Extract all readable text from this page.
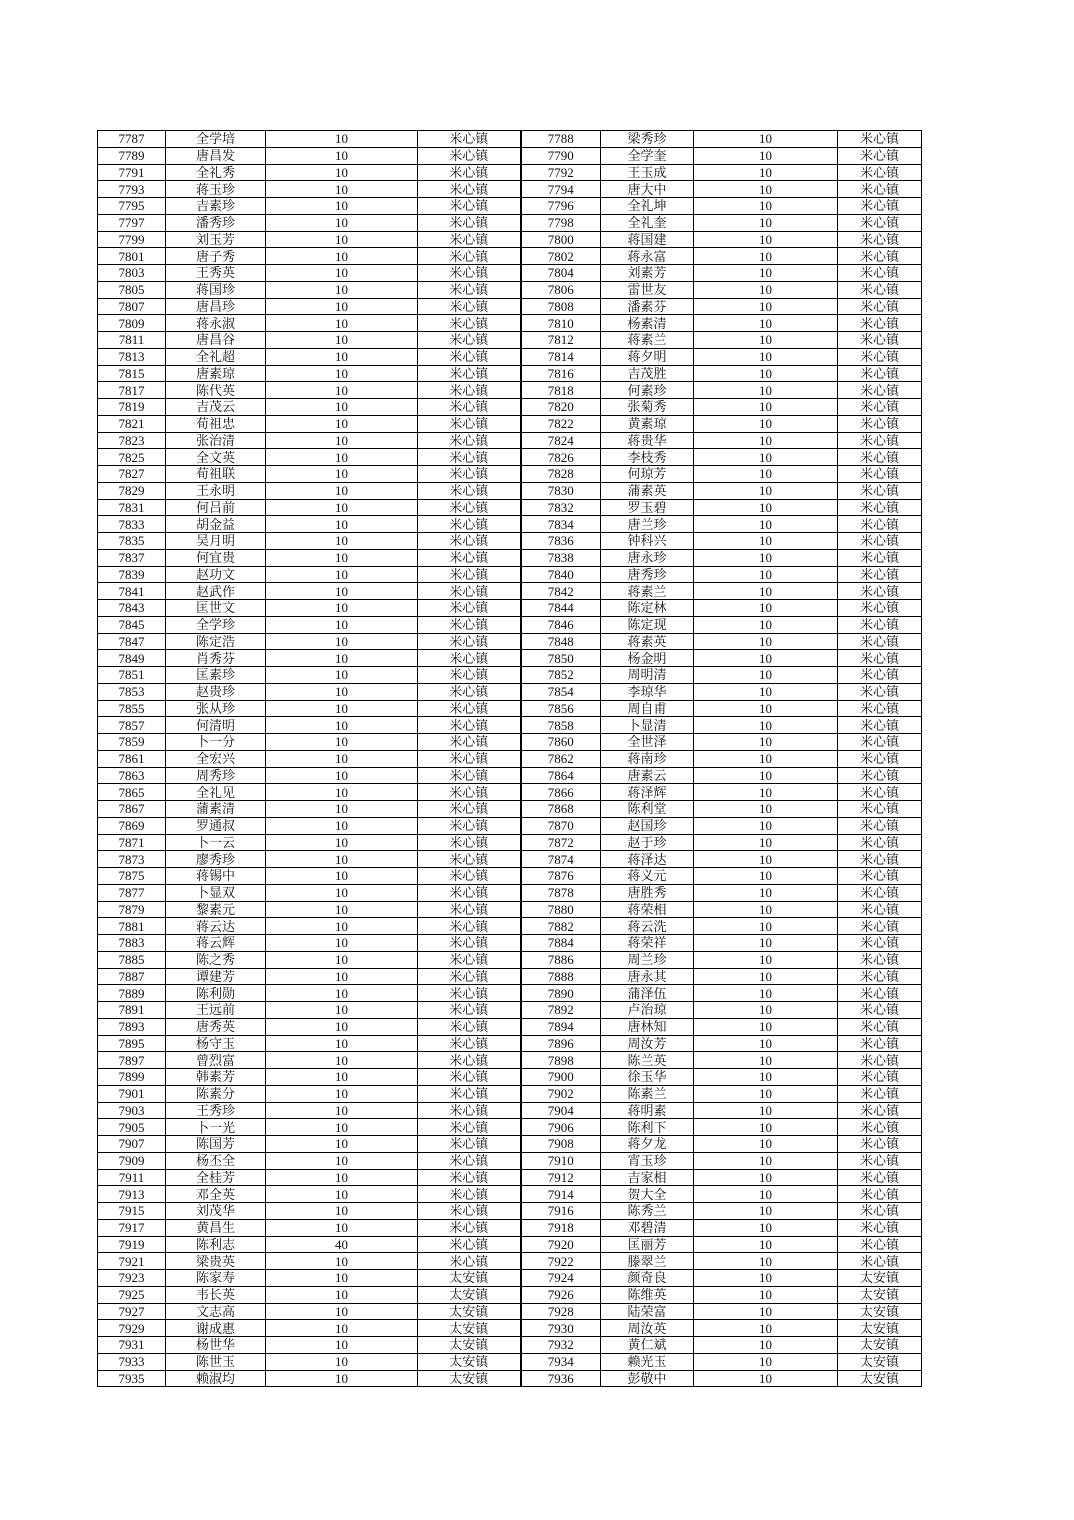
7787	全学培	10	米心镇	7788	梁秀珍	10	米心镇
7789	唐昌发	10	米心镇	7790	全学奎	10	米心镇
7791	全礼秀	10	米心镇	7792	王玉成	10	米心镇
7793	蒋玉珍	10	米心镇	7794	唐大中	10	米心镇
7795	吉素珍	10	米心镇	7796	全礼坤	10	米心镇
7797	潘秀珍	10	米心镇	7798	全礼奎	10	米心镇
7799	刘玉芳	10	米心镇	7800	蒋国建	10	米心镇
7801	唐子秀	10	米心镇	7802	蒋永富	10	米心镇
7803	王秀英	10	米心镇	7804	刘素芳	10	米心镇
7805	蒋国珍	10	米心镇	7806	雷世友	10	米心镇
7807	唐昌珍	10	米心镇	7808	潘素芬	10	米心镇
7809	蒋永淑	10	米心镇	7810	杨素清	10	米心镇
7811	唐昌谷	10	米心镇	7812	蒋素兰	10	米心镇
7813	全礼超	10	米心镇	7814	蒋夕明	10	米心镇
7815	唐素琼	10	米心镇	7816	吉茂胜	10	米心镇
7817	陈代英	10	米心镇	7818	何素珍	10	米心镇
7819	吉茂云	10	米心镇	7820	张菊秀	10	米心镇
7821	荀祖忠	10	米心镇	7822	黄素琼	10	米心镇
7823	张治清	10	米心镇	7824	蒋贵华	10	米心镇
7825	全文英	10	米心镇	7826	李枝秀	10	米心镇
7827	荀祖联	10	米心镇	7828	何琼芳	10	米心镇
7829	王永明	10	米心镇	7830	蒲素英	10	米心镇
7831	何吕前	10	米心镇	7832	罗玉碧	10	米心镇
7833	胡金益	10	米心镇	7834	唐兰珍	10	米心镇
7835	吴月明	10	米心镇	7836	钟科兴	10	米心镇
7837	何宜贵	10	米心镇	7838	唐永珍	10	米心镇
7839	赵功文	10	米心镇	7840	唐秀珍	10	米心镇
7841	赵武作	10	米心镇	7842	蒋素兰	10	米心镇
7843	匡世文	10	米心镇	7844	陈定林	10	米心镇
7845	全学珍	10	米心镇	7846	陈定现	10	米心镇
7847	陈定浩	10	米心镇	7848	蒋素英	10	米心镇
7849	肖秀芬	10	米心镇	7850	杨金明	10	米心镇
7851	匡素珍	10	米心镇	7852	周明清	10	米心镇
7853	赵贵珍	10	米心镇	7854	李琼华	10	米心镇
7855	张从珍	10	米心镇	7856	周自甫	10	米心镇
7857	何清明	10	米心镇	7858	卜显清	10	米心镇
7859	卜一分	10	米心镇	7860	全世泽	10	米心镇
7861	全宏兴	10	米心镇	7862	蒋南珍	10	米心镇
7863	周秀珍	10	米心镇	7864	唐素云	10	米心镇
7865	全礼见	10	米心镇	7866	蒋泽辉	10	米心镇
7867	蒲素清	10	米心镇	7868	陈利堂	10	米心镇
7869	罗通叔	10	米心镇	7870	赵国珍	10	米心镇
7871	卜一云	10	米心镇	7872	赵于珍	10	米心镇
7873	廖秀珍	10	米心镇	7874	蒋泽达	10	米心镇
7875	蒋锡中	10	米心镇	7876	蒋义元	10	米心镇
7877	卜显双	10	米心镇	7878	唐胜秀	10	米心镇
7879	黎素元	10	米心镇	7880	蒋荣相	10	米心镇
7881	蒋云达	10	米心镇	7882	蒋云洗	10	米心镇
7883	蒋云辉	10	米心镇	7884	蒋荣祥	10	米心镇
7885	陈之秀	10	米心镇	7886	周兰珍	10	米心镇
7887	谭建芳	10	米心镇	7888	唐永其	10	米心镇
7889	陈利勋	10	米心镇	7890	蒲泽伍	10	米心镇
7891	王远前	10	米心镇	7892	卢治琼	10	米心镇
7893	唐秀英	10	米心镇	7894	唐林知	10	米心镇
7895	杨守玉	10	米心镇	7896	周汝芳	10	米心镇
7897	曾烈富	10	米心镇	7898	陈兰英	10	米心镇
7899	韩素芳	10	米心镇	7900	徐玉华	10	米心镇
7901	陈素分	10	米心镇	7902	陈素兰	10	米心镇
7903	王秀珍	10	米心镇	7904	蒋明素	10	米心镇
7905	卜一光	10	米心镇	7906	陈利下	10	米心镇
7907	陈国芳	10	米心镇	7908	蒋夕龙	10	米心镇
7909	杨丕全	10	米心镇	7910	宵玉珍	10	米心镇
7911	全桂芳	10	米心镇	7912	吉家相	10	米心镇
7913	邓全英	10	米心镇	7914	贺大全	10	米心镇
7915	刘茂华	10	米心镇	7916	陈秀兰	10	米心镇
7917	黄昌生	10	米心镇	7918	邓碧清	10	米心镇
7919	陈利志	40	米心镇	7920	匡丽芳	10	米心镇
7921	梁贵英	10	米心镇	7922	滕翠兰	10	米心镇
7923	陈家寿	10	太安镇	7924	颜奇良	10	太安镇
7925	韦长英	10	太安镇	7926	陈维英	10	太安镇
7927	文志高	10	太安镇	7928	陆荣富	10	太安镇
7929	谢成惠	10	太安镇	7930	周汝英	10	太安镇
7931	杨世华	10	太安镇	7932	黄仁斌	10	太安镇
7933	陈世玉	10	太安镇	7934	赖光玉	10	太安镇
7935	赖淑均	10	太安镇	7936	彭敬中	10	太安镇
